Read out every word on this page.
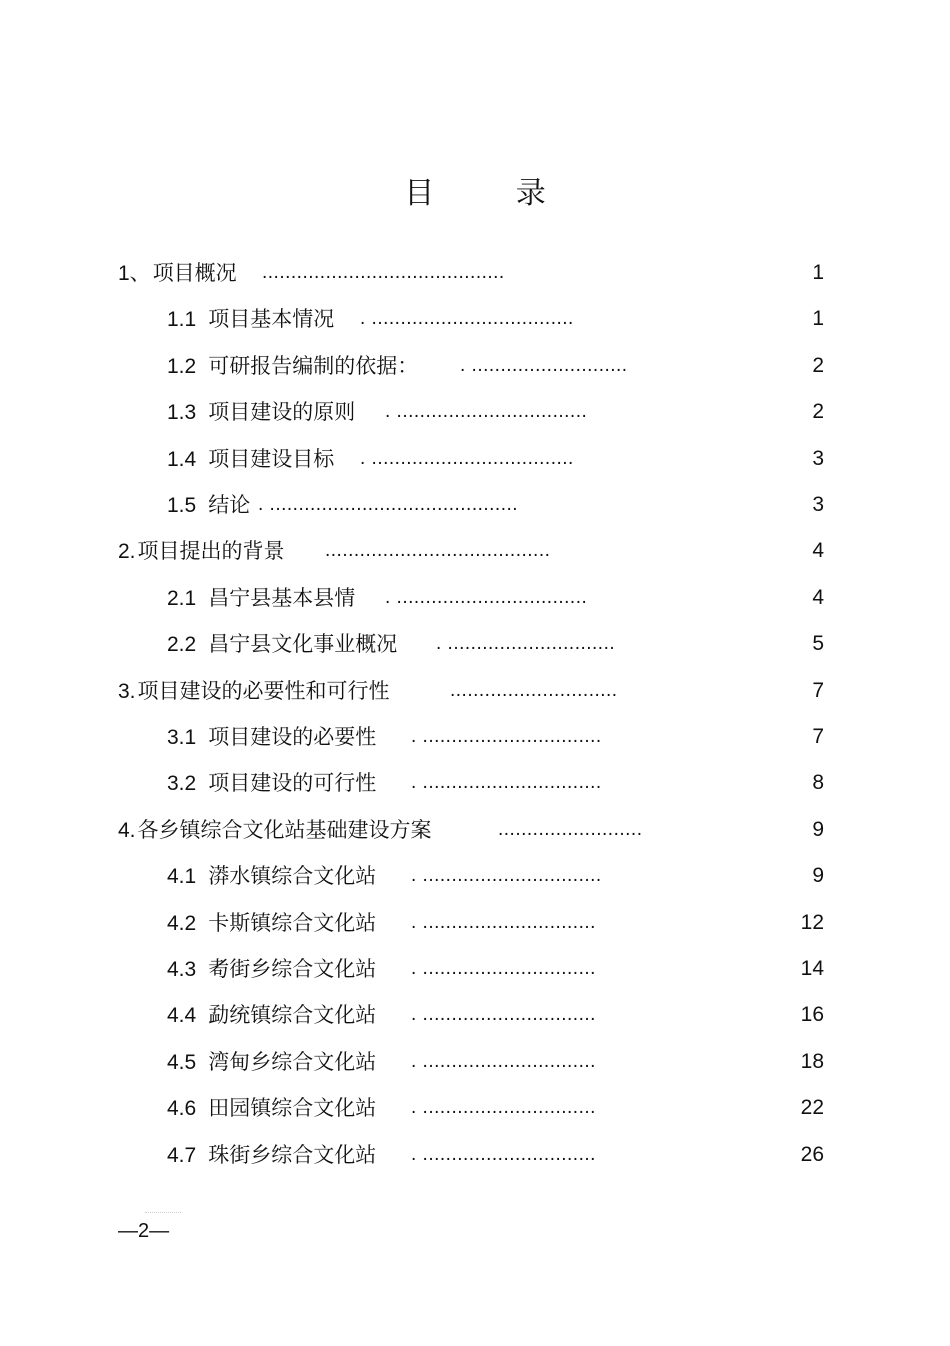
目 录
1、项目概况 ..........................................	1
1.1 项目基本情况 . ...................................	1
1.2 可研报告编制的依据： . ...........................	2
1.3 项目建设的原则 . .................................	2
1.4 项目建设目标 . ...................................	3
1.5 结论 . ...........................................	3
2.项目提出的背景 .......................................	4
2.1 昌宁县基本县情 . .................................	4
2.2 昌宁县文化事业概况 . .............................	5
3.项目建设的必要性和可行性	.............................	7
3.1 项目建设的必要性 . ...............................	7
3.2 项目建设的可行性 . ...............................	8
4.各乡镇综合文化站基础建设方案	.........................	9
4.1 漭水镇综合文化站 . ...............................	9
4.2 卡斯镇综合文化站 . ..............................	12
4.3 耇街乡综合文化站 . ..............................	14
4.4 勐统镇综合文化站 . ..............................	16
4.5 湾甸乡综合文化站 . ..............................	18
4.6 田园镇综合文化站 . ..............................	22
4.7 珠街乡综合文化站 . ..............................	26
—2—
